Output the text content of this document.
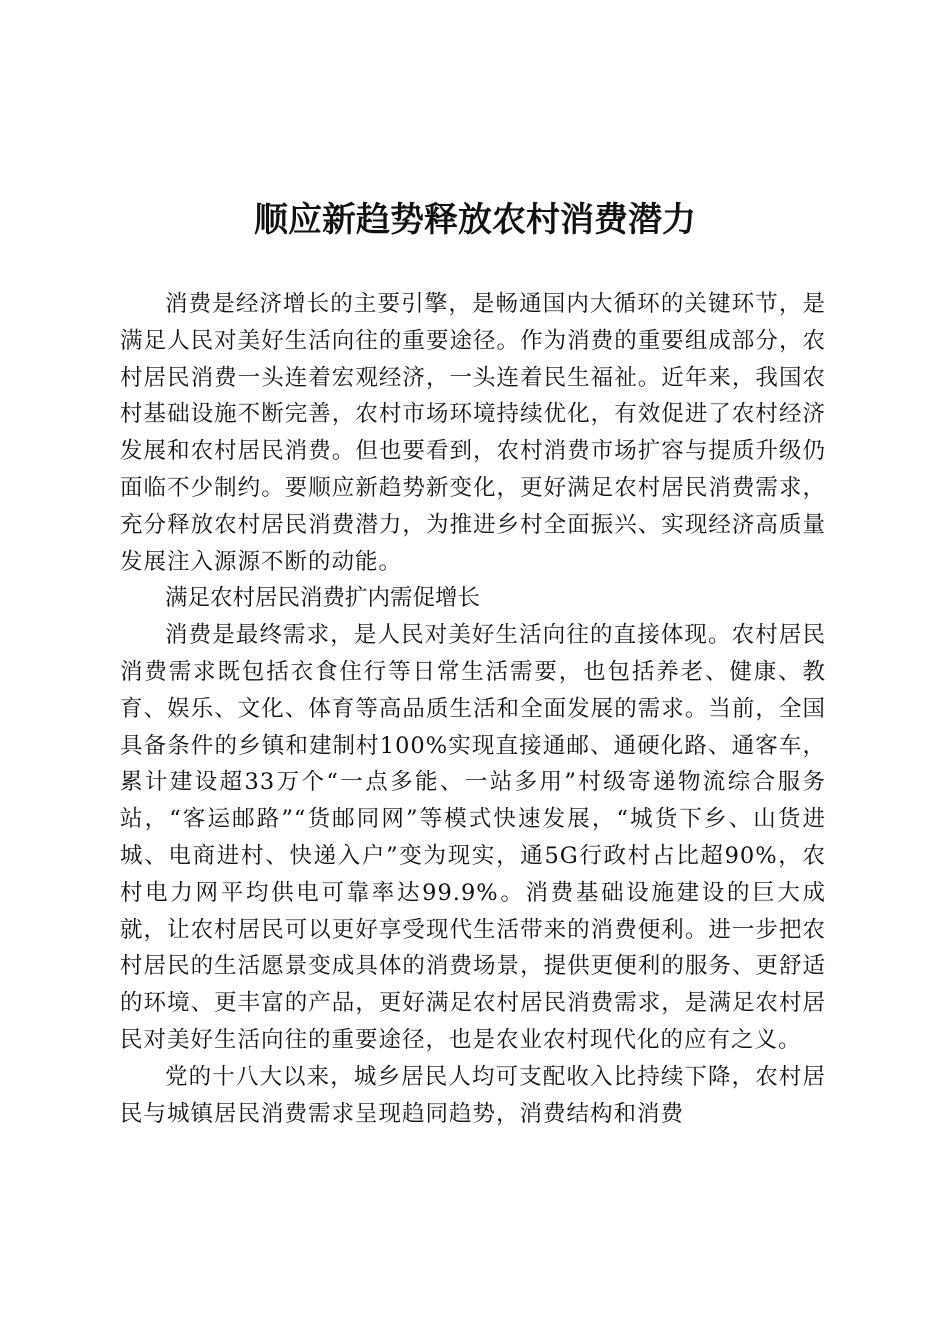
顺应新趋势释放农村消费潜力

消费是经济增长的主要引擎，是畅通国内大循环的关键环节，是满足人民对美好生活向往的重要途径。作为消费的重要组成部分，农村居民消费一头连着宏观经济，一头连着民生福祉。近年来，我国农村基础设施不断完善，农村市场环境持续优化，有效促进了农村经济发展和农村居民消费。但也要看到，农村消费市场扩容与提质升级仍面临不少制约。要顺应新趋势新变化，更好满足农村居民消费需求，充分释放农村居民消费潜力，为推进乡村全面振兴、实现经济高质量发展注入源源不断的动能。

满足农村居民消费扩内需促增长

消费是最终需求，是人民对美好生活向往的直接体现。农村居民消费需求既包括衣食住行等日常生活需要，也包括养老、健康、教育、娱乐、文化、体育等高品质生活和全面发展的需求。当前，全国具备条件的乡镇和建制村100%实现直接通邮、通硬化路、通客车，累计建设超33万个“一点多能、一站多用”村级寄递物流综合服务站，“客运邮路”“货邮同网”等模式快速发展，“城货下乡、山货进城、电商进村、快递入户”变为现实，通5G行政村占比超90%，农村电力网平均供电可靠率达99.9%。消费基础设施建设的巨大成就，让农村居民可以更好享受现代生活带来的消费便利。进一步把农村居民的生活愿景变成具体的消费场景，提供更便利的服务、更舒适的环境、更丰富的产品，更好满足农村居民消费需求，是满足农村居民对美好生活向往的重要途径，也是农业农村现代化的应有之义。

党的十八大以来，城乡居民人均可支配收入比持续下降，农村居民与城镇居民消费需求呈现趋同趋势，消费结构和消费
